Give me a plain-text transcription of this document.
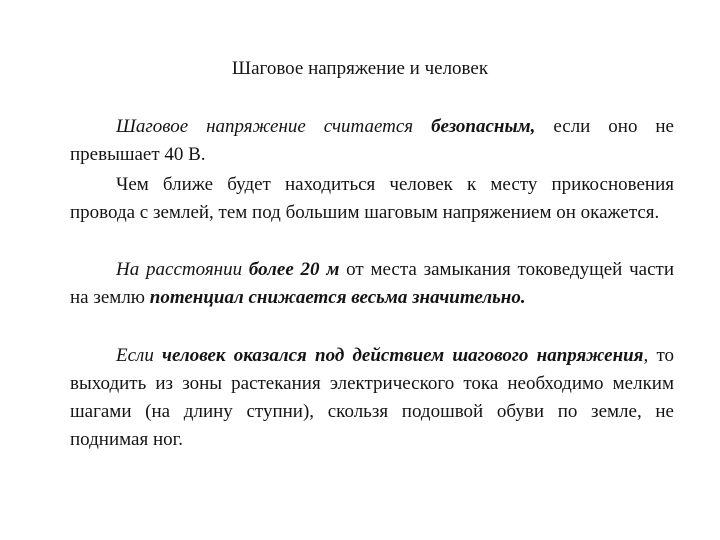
Шаговое напряжение и человек

Шаговое напряжение считается безопасным, если оно не превышает 40 В.

Чем ближе будет находиться человек к месту прикосновения провода с землей, тем под большим шаговым напряжением он окажется.

На расстоянии более 20 м от места замыкания токоведущей части на землю потенциал снижается весьма значительно.

Если человек оказался под действием шагового напряжения, то выходить из зоны растекания электрического тока необходимо мелким шагами (на длину ступни), скользя подошвой обуви по земле, не поднимая ног.
